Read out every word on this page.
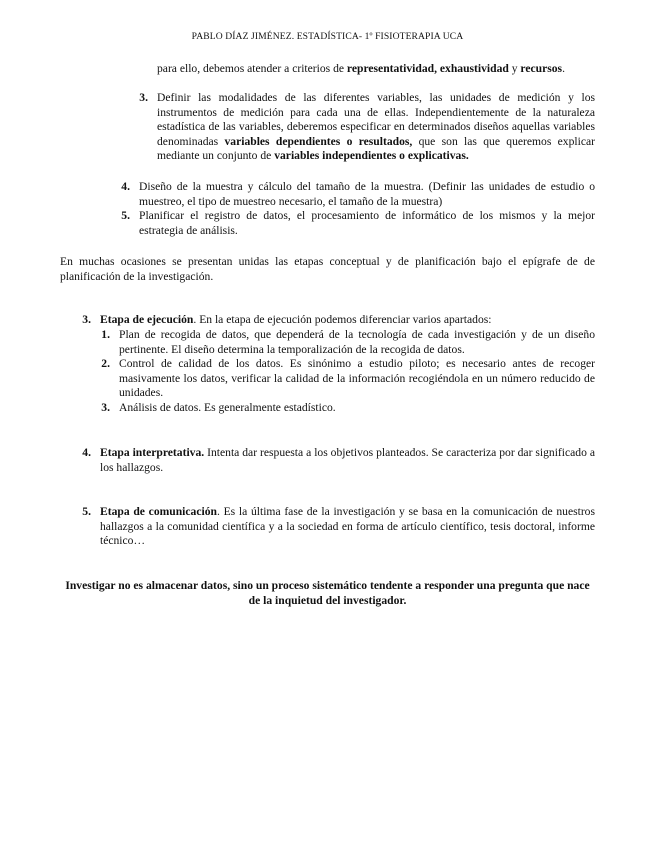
PABLO DÍAZ JIMÉNEZ. ESTADÍSTICA- 1º FISIOTERAPIA UCA

para ello, debemos atender a criterios de representatividad, exhaustividad y recursos.

3. Definir las modalidades de las diferentes variables, las unidades de medición y los instrumentos de medición para cada una de ellas. Independientemente de la naturaleza estadística de las variables, deberemos especificar en determinados diseños aquellas variables denominadas variables dependientes o resultados, que son las que queremos explicar mediante un conjunto de variables independientes o explicativas.

4. Diseño de la muestra y cálculo del tamaño de la muestra. (Definir las unidades de estudio o muestreo, el tipo de muestreo necesario, el tamaño de la muestra)

5. Planificar el registro de datos, el procesamiento de informático de los mismos y la mejor estrategia de análisis.

En muchas ocasiones se presentan unidas las etapas conceptual y de planificación bajo el epígrafe de de planificación de la investigación.

3. Etapa de ejecución. En la etapa de ejecución podemos diferenciar varios apartados:

1. Plan de recogida de datos, que dependerá de la tecnología de cada investigación y de un diseño pertinente. El diseño determina la temporalización de la recogida de datos.

2. Control de calidad de los datos. Es sinónimo a estudio piloto; es necesario antes de recoger masivamente los datos, verificar la calidad de la información recogiéndola en un número reducido de unidades.

3. Análisis de datos. Es generalmente estadístico.

4. Etapa interpretativa. Intenta dar respuesta a los objetivos planteados. Se caracteriza por dar significado a los hallazgos.

5. Etapa de comunicación. Es la última fase de la investigación y se basa en la comunicación de nuestros hallazgos a la comunidad científica y a la sociedad en forma de artículo científico, tesis doctoral, informe técnico…

Investigar no es almacenar datos, sino un proceso sistemático tendente a responder una pregunta que nace de la inquietud del investigador.
